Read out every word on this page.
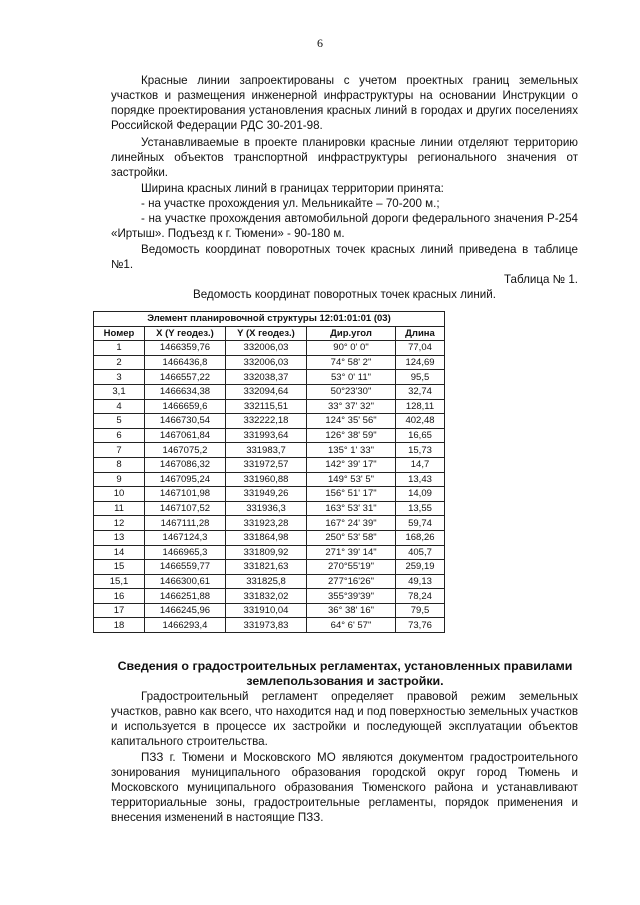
6

Красные линии запроектированы с учетом проектных границ земельных участков и размещения инженерной инфраструктуры на основании Инструкции о порядке проектирования установления красных линий в городах и других поселениях Российской Федерации РДС 30-201-98.

Устанавливаемые в проекте планировки красные линии отделяют территорию линейных объектов транспортной инфраструктуры регионального значения от застройки.

Ширина красных линий в границах территории принята:

- на участке прохождения ул. Мельникайте – 70-200 м.;

- на участке прохождения автомобильной дороги федерального значения Р-254 «Иртыш». Подъезд к г. Тюмени» - 90-180 м.

Ведомость координат поворотных точек красных линий приведена в таблице №1.

Таблица № 1.

Ведомость координат поворотных точек красных линий.

Элемент планировочной структуры 12:01:01:01 (03)				
Номер	X (Y геодез.)	Y (X геодез.)	Дир.угол	Длина
1	1466359,76	332006,03	90° 0' 0"	77,04
2	1466436,8	332006,03	74° 58' 2"	124,69
3	1466557,22	332038,37	53° 0' 11"	95,5
3,1	1466634,38	332094,64	50°23'30"	32,74
4	1466659,6	332115,51	33° 37' 32"	128,11
5	1466730,54	332222,18	124° 35' 56"	402,48
6	1467061,84	331993,64	126° 38' 59"	16,65
7	1467075,2	331983,7	135° 1' 33"	15,73
8	1467086,32	331972,57	142° 39' 17"	14,7
9	1467095,24	331960,88	149° 53' 5"	13,43
10	1467101,98	331949,26	156° 51' 17"	14,09
11	1467107,52	331936,3	163° 53' 31"	13,55
12	1467111,28	331923,28	167° 24' 39"	59,74
13	1467124,3	331864,98	250° 53' 58"	168,26
14	1466965,3	331809,92	271° 39' 14"	405,7
15	1466559,77	331821,63	270°55'19"	259,19
15,1	1466300,61	331825,8	277°16'26"	49,13
16	1466251,88	331832,02	355°39'39"	78,24
17	1466245,96	331910,04	36° 38' 16"	79,5
18	1466293,4	331973,83	64° 6' 57"	73,76

Сведения о градостроительных регламентах, установленных правилами землепользования и застройки.

Градостроительный регламент определяет правовой режим земельных участков, равно как всего, что находится над и под поверхностью земельных участков и используется в процессе их застройки и последующей эксплуатации объектов капитального строительства.

ПЗЗ г. Тюмени и Московского МО являются документом градостроительного зонирования муниципального образования городской округ город Тюмень и Московского муниципального образования Тюменского района и устанавливают территориальные зоны, градостроительные регламенты, порядок применения и внесения изменений в настоящие ПЗЗ.
